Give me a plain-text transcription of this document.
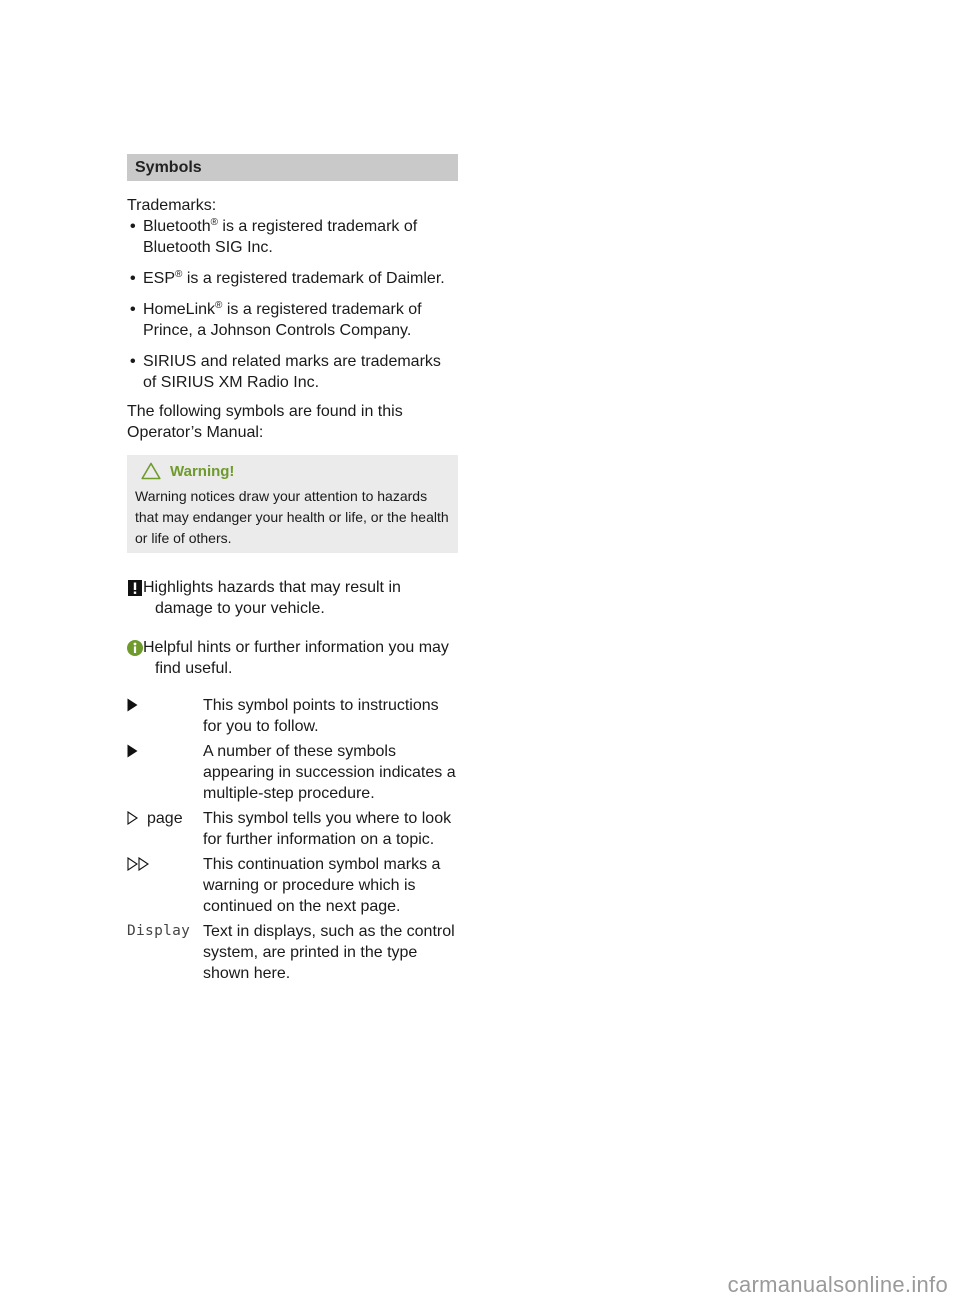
Symbols
Trademarks:
• Bluetooth® is a registered trademark of Bluetooth SIG Inc.
• ESP® is a registered trademark of Daimler.
• HomeLink® is a registered trademark of Prince, a Johnson Controls Company.
• SIRIUS and related marks are trademarks of SIRIUS XM Radio Inc.
The following symbols are found in this Operator’s Manual:
Warning!
Warning notices draw your attention to hazards that may endanger your health or life, or the health or life of others.
Highlights hazards that may result in damage to your vehicle.
Helpful hints or further information you may find useful.
This symbol points to instructions for you to follow.
A number of these symbols appearing in succession indicates a multiple-step procedure.
page This symbol tells you where to look for further information on a topic.
This continuation symbol marks a warning or procedure which is continued on the next page.
Display Text in displays, such as the control system, are printed in the type shown here.
carmanualsonline.info
